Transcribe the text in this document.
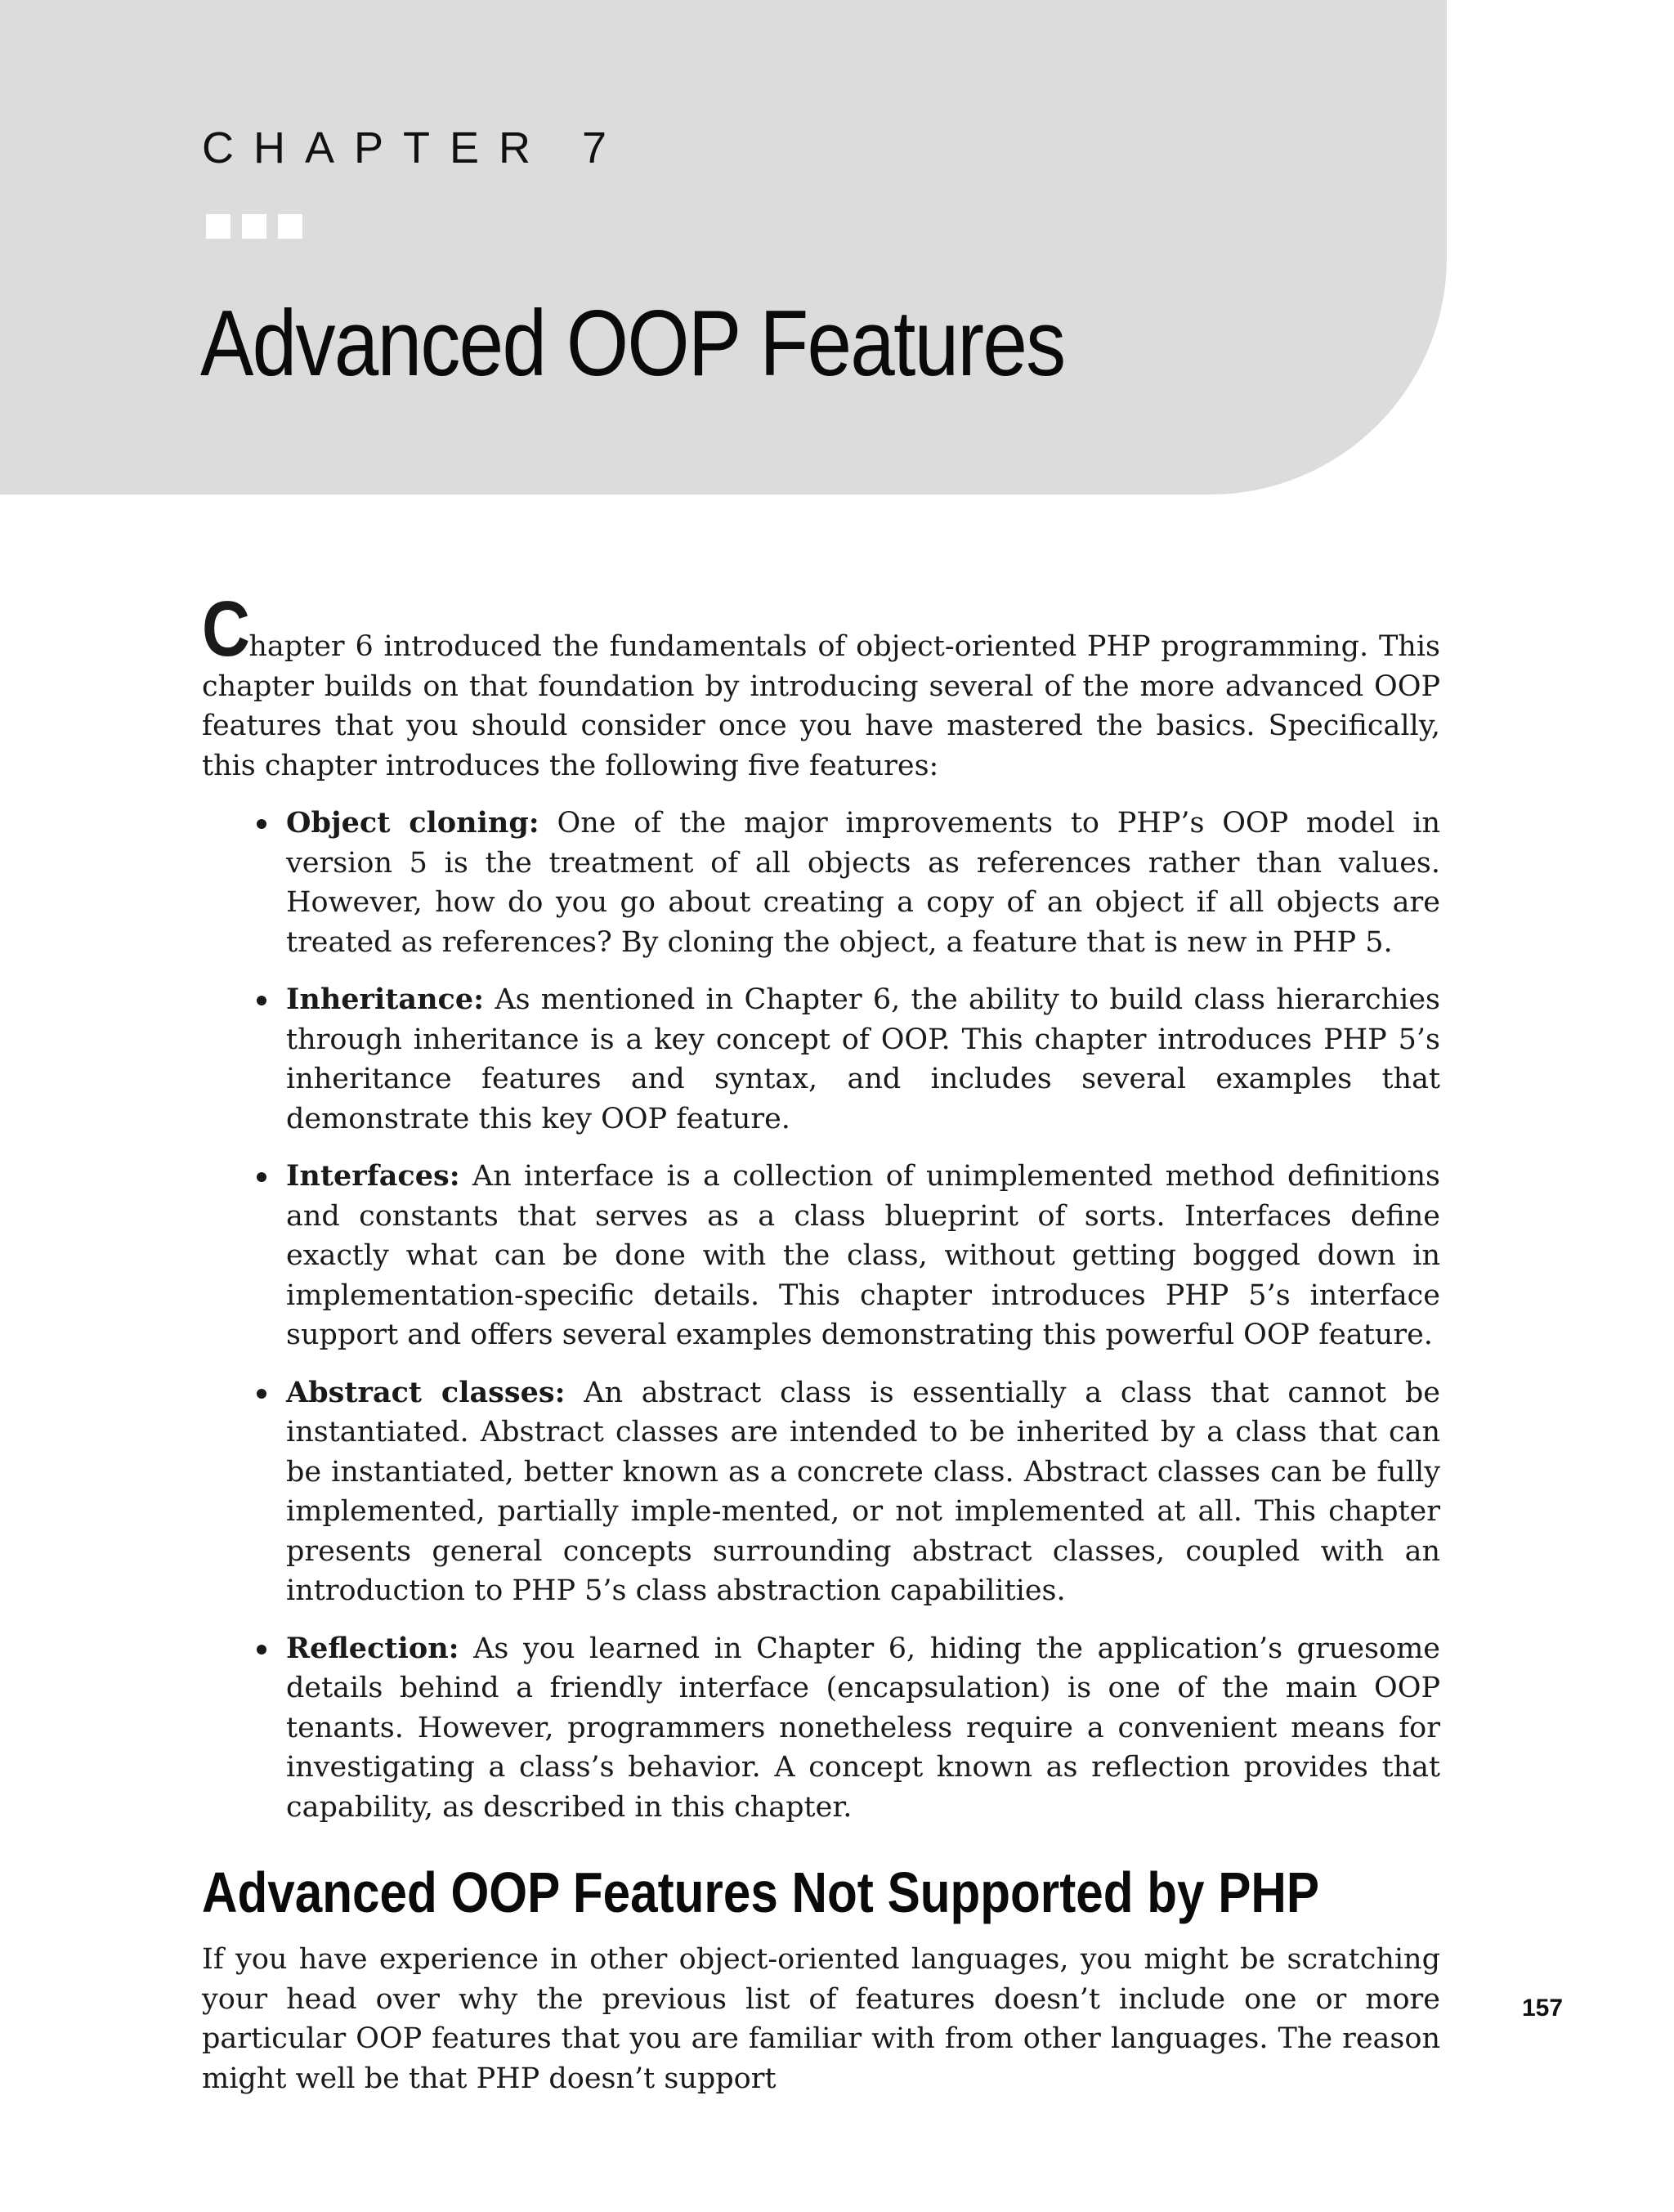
CHAPTER 7
Advanced OOP Features

Chapter 6 introduced the fundamentals of object-oriented PHP programming. This chapter builds on that foundation by introducing several of the more advanced OOP features that you should consider once you have mastered the basics. Specifically, this chapter introduces the following five features:

Object cloning: One of the major improvements to PHP’s OOP model in version 5 is the treatment of all objects as references rather than values. However, how do you go about creating a copy of an object if all objects are treated as references? By cloning the object, a feature that is new in PHP 5.
Inheritance: As mentioned in Chapter 6, the ability to build class hierarchies through inheritance is a key concept of OOP. This chapter introduces PHP 5’s inheritance features and syntax, and includes several examples that demonstrate this key OOP feature.
Interfaces: An interface is a collection of unimplemented method definitions and constants that serves as a class blueprint of sorts. Interfaces define exactly what can be done with the class, without getting bogged down in implementation-specific details. This chapter introduces PHP 5’s interface support and offers several examples demonstrating this powerful OOP feature.
Abstract classes: An abstract class is essentially a class that cannot be instantiated. Abstract classes are intended to be inherited by a class that can be instantiated, better known as a concrete class. Abstract classes can be fully implemented, partially imple-mented, or not implemented at all. This chapter presents general concepts surrounding abstract classes, coupled with an introduction to PHP 5’s class abstraction capabilities.
Reflection: As you learned in Chapter 6, hiding the application’s gruesome details behind a friendly interface (encapsulation) is one of the main OOP tenants. However, programmers nonetheless require a convenient means for investigating a class’s behavior. A concept known as reflection provides that capability, as described in this chapter.
Advanced OOP Features Not Supported by PHP

If you have experience in other object-oriented languages, you might be scratching your head over why the previous list of features doesn’t include one or more particular OOP features that you are familiar with from other languages. The reason might well be that PHP doesn’t support

157
